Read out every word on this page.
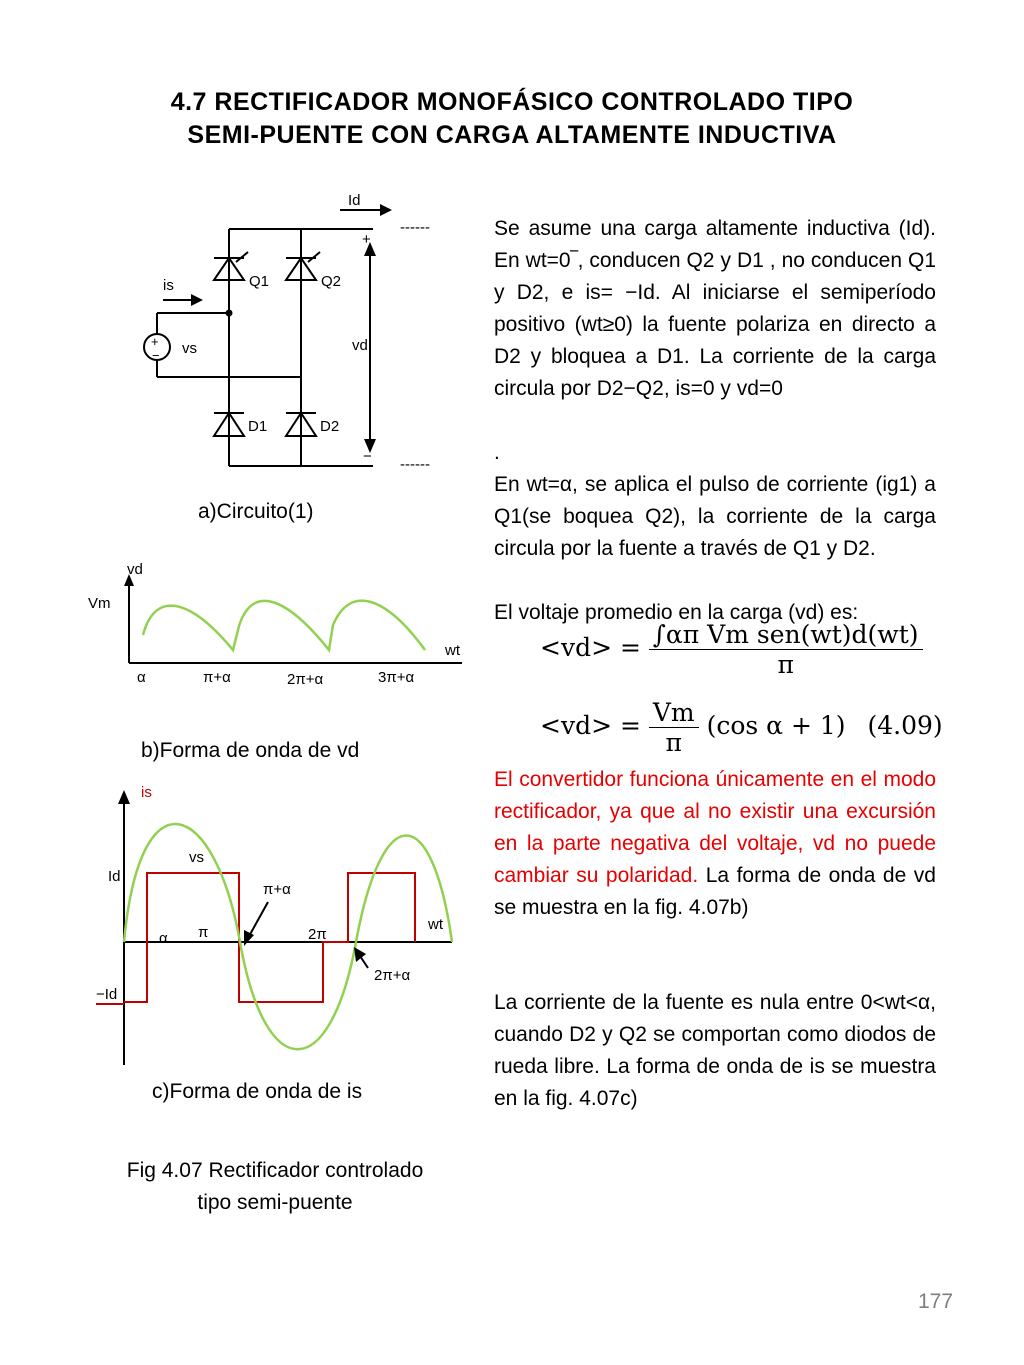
4.7 RECTIFICADOR MONOFÁSICO CONTROLADO TIPO
SEMI-PUENTE CON CARGA ALTAMENTE INDUCTIVA
Id
------
------
+
−
is
vs	vd
Q1	Q2
D1	D2
+
−
a)Circuito(1)
vd
Vm
wt
α	π+α	2π+α	3π+α
b)Forma de onda de vd
is
vs
Id
−Id
wt
α π
π+α
2π
2π+α
c)Forma de onda de is
Fig 4.07 Rectificador controlado tipo semi-puente
Se asume una carga altamente inductiva (Id). En wt=0‾, conducen Q2 y D1 , no conducen Q1 y D2, e is= −Id. Al iniciarse el semiperíodo positivo (wt≥0) la fuente polariza en directo a D2 y bloquea a D1. La corriente de la carga circula por D2−Q2, is=0 y vd=0
.
En wt=α, se aplica el pulso de corriente (ig1) a Q1(se boquea Q2), la corriente de la carga circula por la fuente a través de Q1 y D2.
El voltaje promedio en la carga (vd) es:
$<vd> = \frac{\text{∫απ Vm sen(wt)d(wt)}}{\pi}$
$<vd> = \frac{Vm}{\pi} (\cos$ α + 1) (4.09)
El convertidor funciona únicamente en el modo rectificador, ya que al no existir una excursión en la parte negativa del voltaje, vd no puede cambiar su polaridad. La forma de onda de vd se muestra en la fig. 4.07b)
La corriente de la fuente es nula entre 0<wt<α, cuando D2 y Q2 se comportan como diodos de rueda libre. La forma de onda de is se muestra en la fig. 4.07c)
177
